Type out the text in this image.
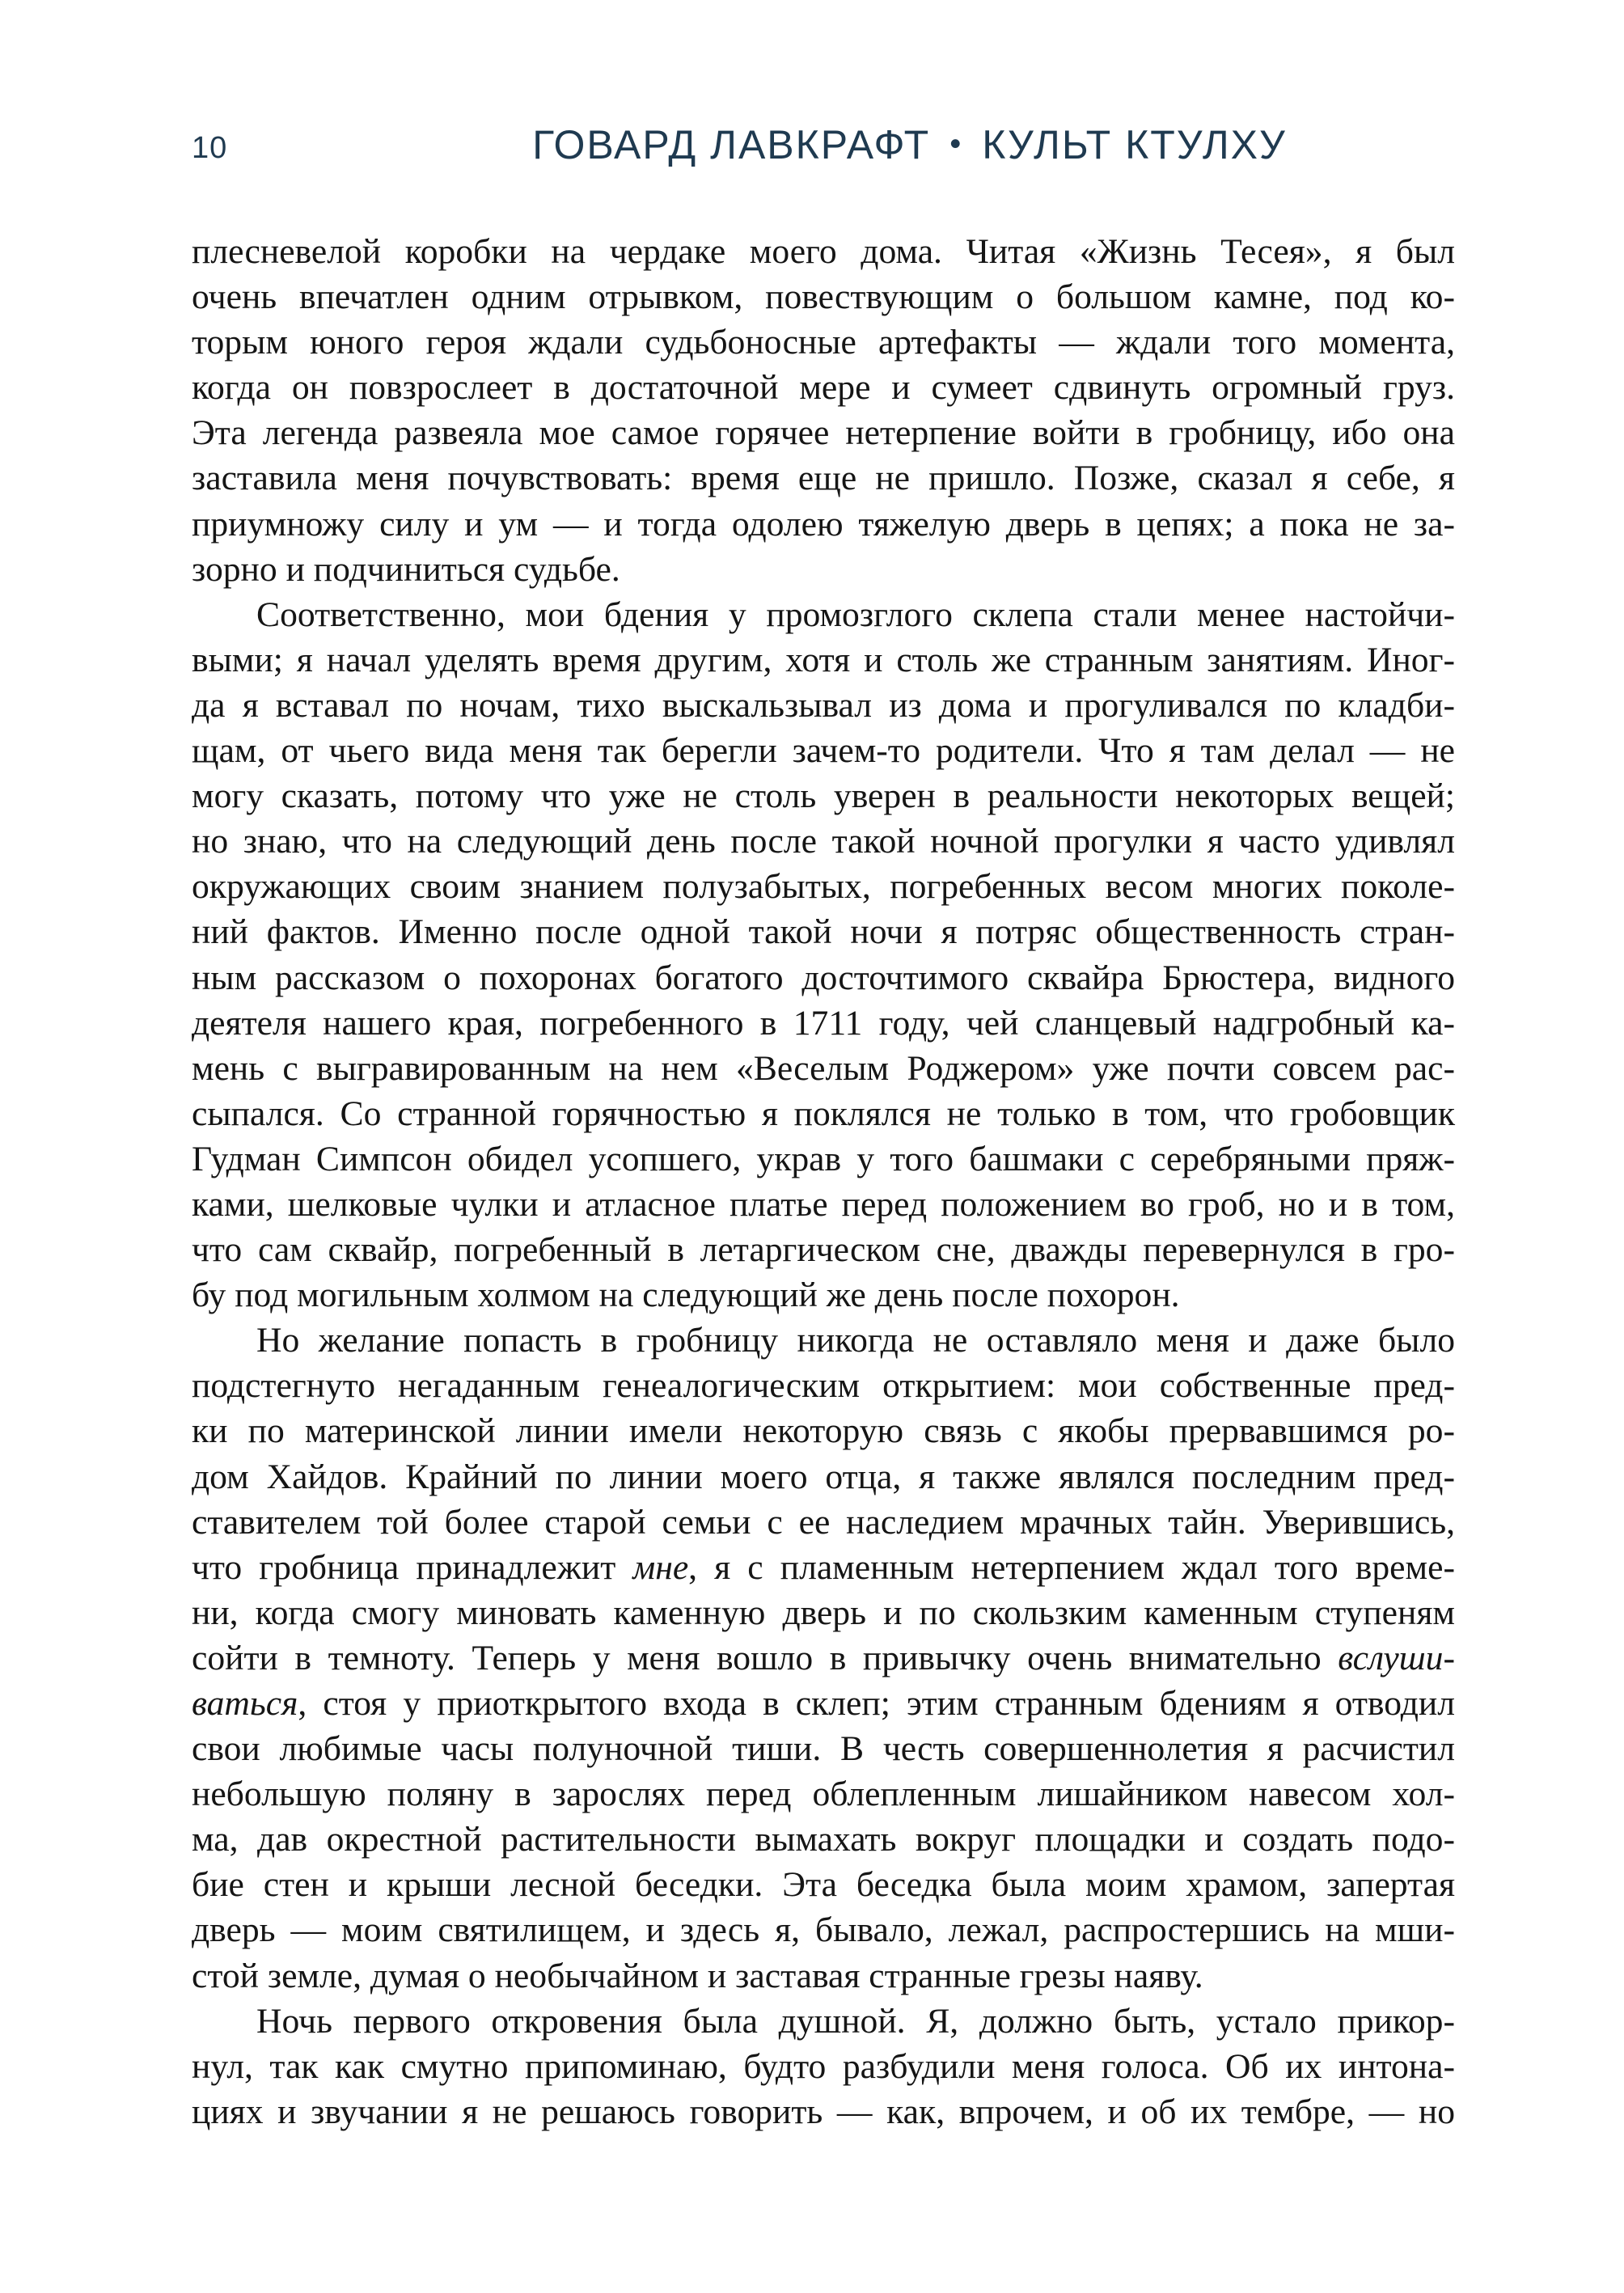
10	ГОВАРД ЛАВКРАФТ • КУЛЬТ КТУЛХУ
плесневелой коробки на чердаке моего дома. Читая «Жизнь Тесея», я был
очень впечатлен одним отрывком, повествующим о большом камне, под ко-
торым юного героя ждали судьбоносные артефакты — ждали того момента,
когда он повзрослеет в достаточной мере и сумеет сдвинуть огромный груз.
Эта легенда развеяла мое самое горячее нетерпение войти в гробницу, ибо она
заставила меня почувствовать: время еще не пришло. Позже, сказал я себе, я
приумножу силу и ум — и тогда одолею тяжелую дверь в цепях; а пока не за-
зорно и подчиниться судьбе.
Соответственно, мои бдения у промозглого склепа стали менее настойчи-
выми; я начал уделять время другим, хотя и столь же странным занятиям. Иног-
да я вставал по ночам, тихо выскальзывал из дома и прогуливался по кладби-
щам, от чьего вида меня так берегли зачем-то родители. Что я там делал — не
могу сказать, потому что уже не столь уверен в реальности некоторых вещей;
но знаю, что на следующий день после такой ночной прогулки я часто удивлял
окружающих своим знанием полузабытых, погребенных весом многих поколе-
ний фактов. Именно после одной такой ночи я потряс общественность стран-
ным рассказом о похоронах богатого досточтимого сквайра Брюстера, видного
деятеля нашего края, погребенного в 1711 году, чей сланцевый надгробный ка-
мень с выгравированным на нем «Веселым Роджером» уже почти совсем рас-
сыпался. Со странной горячностью я поклялся не только в том, что гробовщик
Гудман Симпсон обидел усопшего, украв у того башмаки с серебряными пряж-
ками, шелковые чулки и атласное платье перед положением во гроб, но и в том,
что сам сквайр, погребенный в летаргическом сне, дважды перевернулся в гро-
бу под могильным холмом на следующий же день после похорон.
Но желание попасть в гробницу никогда не оставляло меня и даже было
подстегнуто негаданным генеалогическим открытием: мои собственные пред-
ки по материнской линии имели некоторую связь с якобы прервавшимся ро-
дом Хайдов. Крайний по линии моего отца, я также являлся последним пред-
ставителем той более старой семьи с ее наследием мрачных тайн. Уверившись,
что гробница принадлежит мне, я с пламенным нетерпением ждал того време-
ни, когда смогу миновать каменную дверь и по скользким каменным ступеням
сойти в темноту. Теперь у меня вошло в привычку очень внимательно вслуши-
ваться, стоя у приоткрытого входа в склеп; этим странным бдениям я отводил
свои любимые часы полуночной тиши. В честь совершеннолетия я расчистил
небольшую поляну в зарослях перед облепленным лишайником навесом хол-
ма, дав окрестной растительности вымахать вокруг площадки и создать подо-
бие стен и крыши лесной беседки. Эта беседка была моим храмом, запертая
дверь — моим святилищем, и здесь я, бывало, лежал, распростершись на мши-
стой земле, думая о необычайном и заставая странные грезы наяву.
Ночь первого откровения была душной. Я, должно быть, устало прикор-
нул, так как смутно припоминаю, будто разбудили меня голоса. Об их интона-
циях и звучании я не решаюсь говорить — как, впрочем, и об их тембре, — но
